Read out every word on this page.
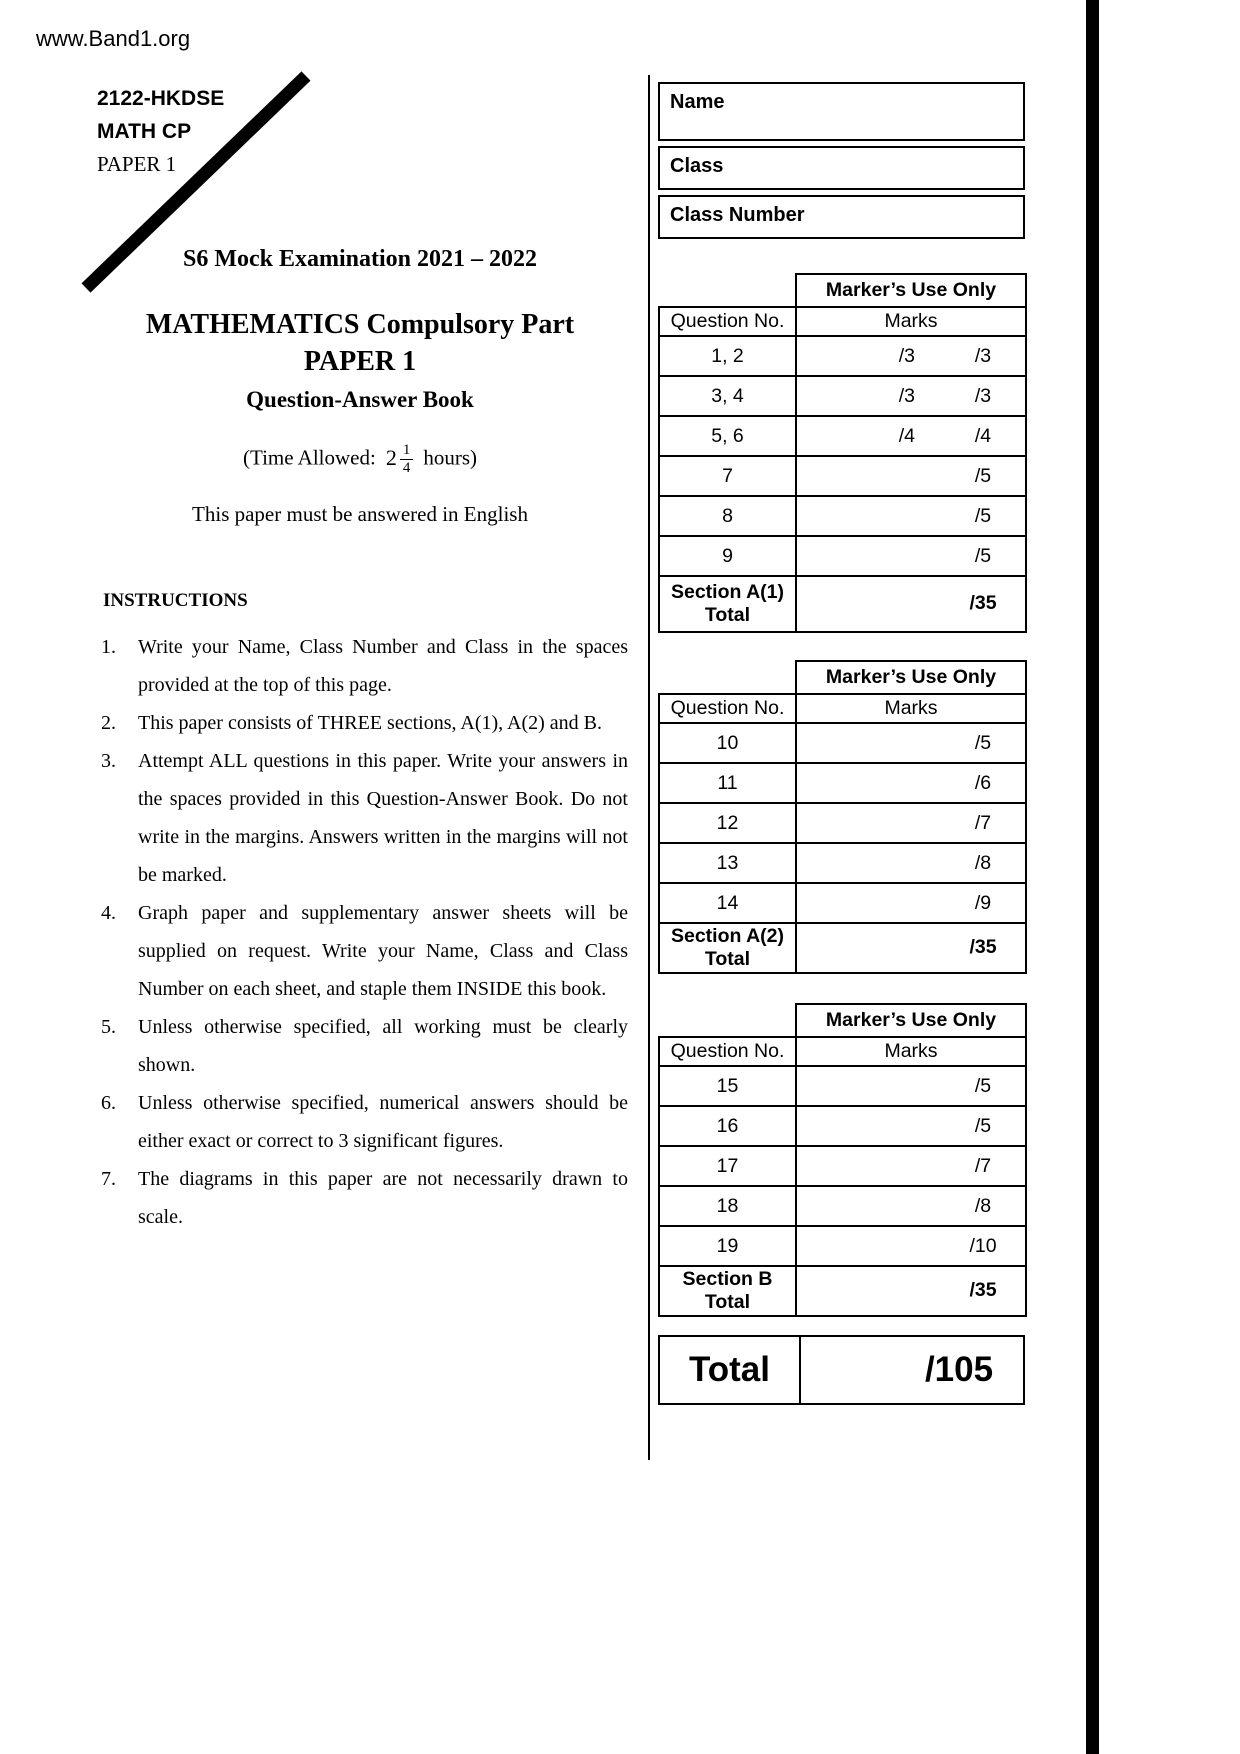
www.Band1.org
2122-HKDSE
MATH CP
PAPER 1
S6 Mock Examination 2021 – 2022
MATHEMATICS Compulsory Part
PAPER 1
Question-Answer Book
(Time Allowed: $2 \frac{1}{4}$ hours)
This paper must be answered in English
INSTRUCTIONS
1.	Write your Name, Class Number and Class in the spaces provided at the top of this page.
2.	This paper consists of THREE sections, A(1), A(2) and B.
3.	Attempt ALL questions in this paper. Write your answers in the spaces provided in this Question-Answer Book. Do not write in the margins. Answers written in the margins will not be marked.
4.	Graph paper and supplementary answer sheets will be supplied on request. Write your Name, Class and Class Number on each sheet, and staple them INSIDE this book.
5.	Unless otherwise specified, all working must be clearly shown.
6.	Unless otherwise specified, numerical answers should be either exact or correct to 3 significant figures.
7.	The diagrams in this paper are not necessarily drawn to scale.
Name
Class
Class Number
	Marker’s Use Only	
Question No.	Marks	
1, 2	/3	/3
3, 4	/3	/3
5, 6	/4	/4
7		/5
8		/5
9		/5
Section A(1)
Total		/35
	Marker’s Use Only	
Question No.	Marks	
10		/5
11		/6
12		/7
13		/8
14		/9
Section A(2)
Total		/35
	Marker’s Use Only	
Question No.	Marks	
15		/5
16		/5
17		/7
18		/8
19		/10
Section B
Total		/35
Total	/105
